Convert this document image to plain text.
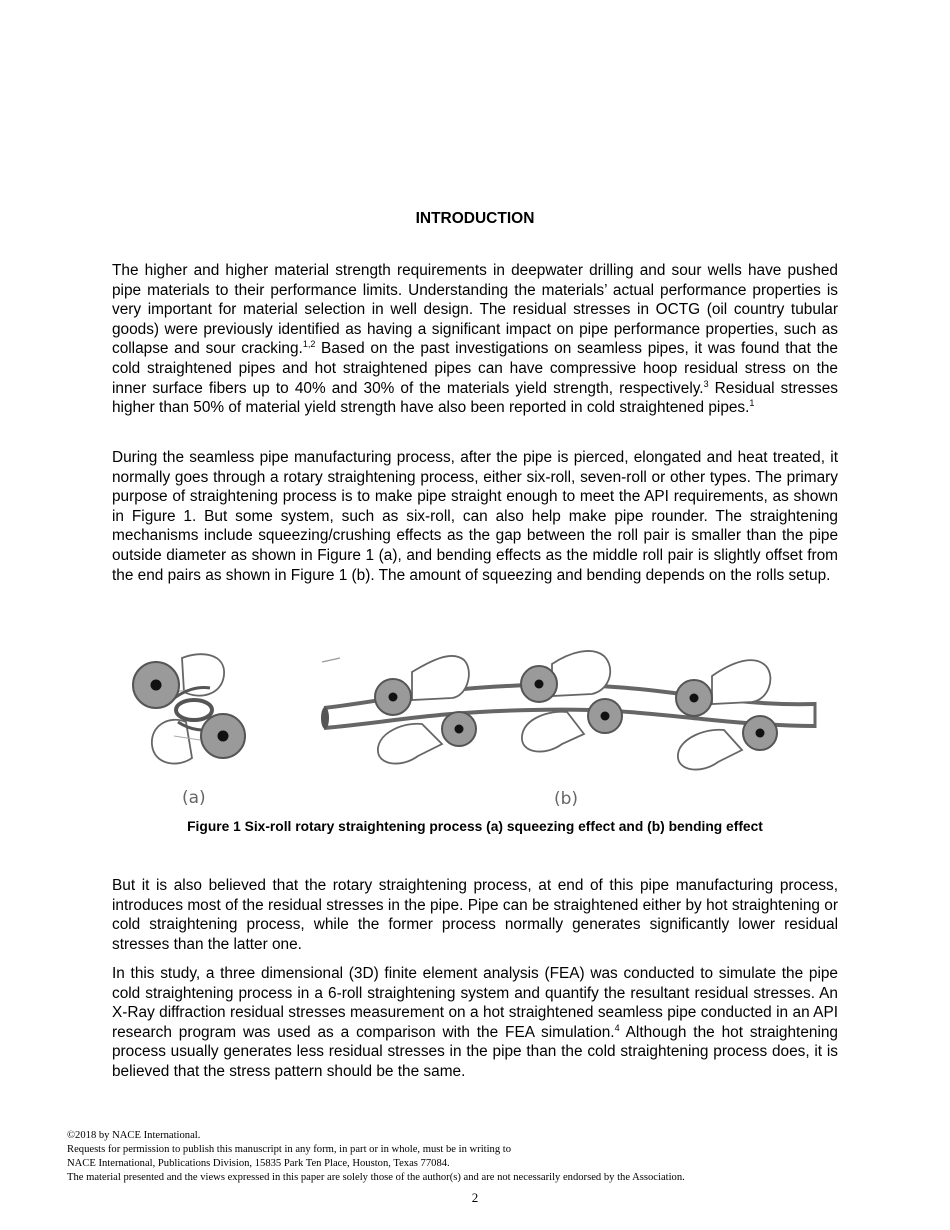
INTRODUCTION

The higher and higher material strength requirements in deepwater drilling and sour wells have pushed pipe materials to their performance limits. Understanding the materials’ actual performance properties is very important for material selection in well design. The residual stresses in OCTG (oil country tubular goods) were previously identified as having a significant impact on pipe performance properties, such as collapse and sour cracking.$^{1,2}$ Based on the past investigations on seamless pipes, it was found that the cold straightened pipes and hot straightened pipes can have compressive hoop residual stress on the inner surface fibers up to 40% and 30% of the materials yield strength, respectively.$^3$ Residual stresses higher than 50% of material yield strength have also been reported in cold straightened pipes.$^1$

During the seamless pipe manufacturing process, after the pipe is pierced, elongated and heat treated, it normally goes through a rotary straightening process, either six-roll, seven-roll or other types. The primary purpose of straightening process is to make pipe straight enough to meet the API requirements, as shown in Figure 1. But some system, such as six-roll, can also help make pipe rounder. The straightening mechanisms include squeezing/crushing effects as the gap between the roll pair is smaller than the pipe outside diameter as shown in Figure 1 (a), and bending effects as the middle roll pair is slightly offset from the end pairs as shown in Figure 1 (b). The amount of squeezing and bending depends on the rolls setup.

(a)	(b)
Figure 1 Six-roll rotary straightening process (a) squeezing effect and (b) bending effect

But it is also believed that the rotary straightening process, at end of this pipe manufacturing process, introduces most of the residual stresses in the pipe. Pipe can be straightened either by hot straightening or cold straightening process, while the former process normally generates significantly lower residual stresses than the latter one.

In this study, a three dimensional (3D) finite element analysis (FEA) was conducted to simulate the pipe cold straightening process in a 6-roll straightening system and quantify the resultant residual stresses. An X-Ray diffraction residual stresses measurement on a hot straightened seamless pipe conducted in an API research program was used as a comparison with the FEA simulation.$^4$ Although the hot straightening process usually generates less residual stresses in the pipe than the cold straightening process does, it is believed that the stress pattern should be the same.

©2018 by NACE International.
Requests for permission to publish this manuscript in any form, in part or in whole, must be in writing to
NACE International, Publications Division, 15835 Park Ten Place, Houston, Texas 77084.
The material presented and the views expressed in this paper are solely those of the author(s) and are not necessarily endorsed by the Association.
2
